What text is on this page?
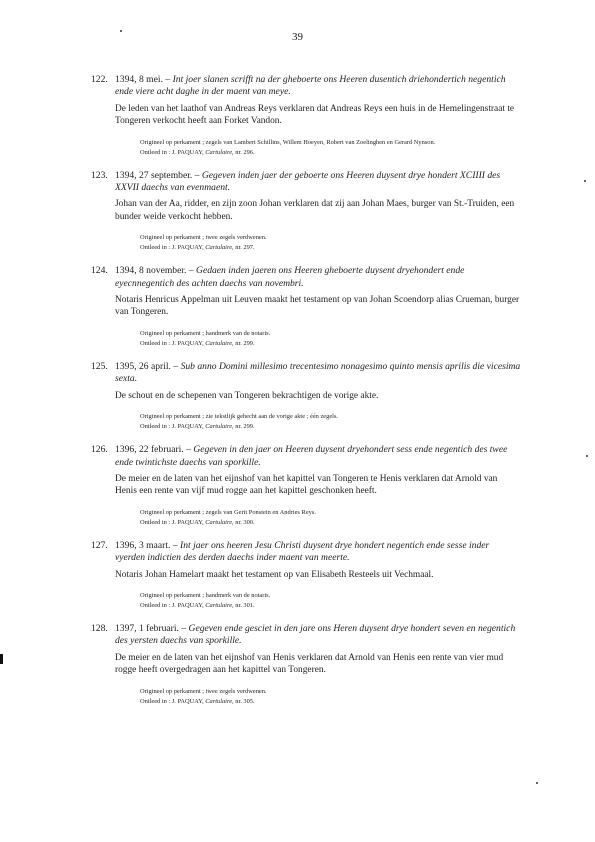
39
122. 1394, 8 mei. – Int joer slanen scrifft na der gheboerte ons Heeren dusentich driehondertich negentich ende viere acht daghe in der maent van meye.
De leden van het laathof van Andreas Reys verklaren dat Andreas Reys een huis in de Hemelingenstraat te Tongeren verkocht heeft aan Forket Vandon.
Origineel op perkament ; zegels van Lambert Schillins, Willem Hoeyen, Robert van Zoelinghen en Gerard Nynson.
Ontleed in : J. PAQUAY, Cartulaire, nr. 296.
123. 1394, 27 september. – Gegeven inden jaer der geboerte ons Heeren duysent drye hondert XCIIII des XXVII daechs van evenmaent.
Johan van der Aa, ridder, en zijn zoon Johan verklaren dat zij aan Johan Maes, burger van St.-Truiden, een bunder weide verkocht hebben.
Origineel op perkament ; twee zegels verdwenen.
Ontleed in : J. PAQUAY, Cartulaire, nr. 297.
124. 1394, 8 november. – Gedaen inden jaeren ons Heeren gheboerte duysent dryehondert ende eyecnnegentich des achten daechs van novembri.
Notaris Henricus Appelman uit Leuven maakt het testament op van Johan Scoendorp alias Crueman, burger van Tongeren.
Origineel op perkament ; handmerk van de notaris.
Ontleed in : J. PAQUAY, Cartulaire, nr. 299.
125. 1395, 26 april. – Sub anno Domini millesimo trecentesimo nonagesimo quinto mensis aprilis die vicesima sexta.
De schout en de schepenen van Tongeren bekrachtigen de vorige akte.
Origineel op perkament ; zie tekstlijk gehecht aan de vorige akte ; één zegels.
Ontleed in : J. PAQUAY, Cartulaire, nr. 299.
126. 1396, 22 februari. – Gegeven in den jaer on Heeren duysent dryehondert sess ende negentich des twee ende twintichste daechs van sporkille.
De meier en de laten van het eijnshof van het kapittel van Tongeren te Henis verklaren dat Arnold van Henis een rente van vijf mud rogge aan het kapittel geschonken heeft.
Origineel op perkament ; zegels van Gerit Ponstein en Andries Reys.
Ontleed in : J. PAQUAY, Cartulaire, nr. 300.
127. 1396, 3 maart. – Int jaer ons heeren Jesu Christi duysent drye hondert negentich ende sesse inder vyerden indictien des derden daechs inder maent van meerte.
Notaris Johan Hamelart maakt het testament op van Elisabeth Resteels uit Vechmaal.
Origineel op perkament ; handmerk van de notaris.
Ontleed in : J. PAQUAY, Cartulaire, nr. 301.
128. 1397, 1 februari. – Gegeven ende gesciet in den jare ons Heren duysent drye hondert seven en negentich des yersten daechs van sporkille.
De meier en de laten van het eijnshof van Henis verklaren dat Arnold van Henis een rente van vier mud rogge heeft overgedragen aan het kapittel van Tongeren.
Origineel op perkament ; twee zegels verdwenen.
Ontleed in : J. PAQUAY, Cartulaire, nr. 305.
